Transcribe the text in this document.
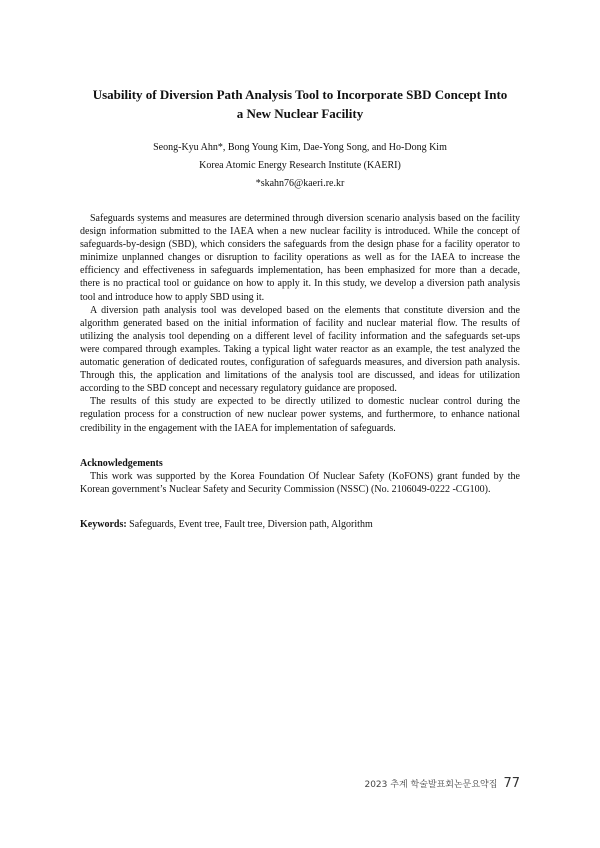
Usability of Diversion Path Analysis Tool to Incorporate SBD Concept Into
a New Nuclear Facility
Seong-Kyu Ahn*, Bong Young Kim, Dae-Yong Song, and Ho-Dong Kim
Korea Atomic Energy Research Institute (KAERI)
*skahn76@kaeri.re.kr

Safeguards systems and measures are determined through diversion scenario analysis based on the facility design information submitted to the IAEA when a new nuclear facility is introduced. While the concept of safeguards-by-design (SBD), which considers the safeguards from the design phase for a facility operator to minimize unplanned changes or disruption to facility operations as well as for the IAEA to increase the efficiency and effectiveness in safeguards implementation, has been emphasized for more than a decade, there is no practical tool or guidance on how to apply it. In this study, we develop a diversion path analysis tool and introduce how to apply SBD using it.

A diversion path analysis tool was developed based on the elements that constitute diversion and the algorithm generated based on the initial information of facility and nuclear material flow. The results of utilizing the analysis tool depending on a different level of facility information and the safeguards set-ups were compared through examples. Taking a typical light water reactor as an example, the test analyzed the automatic generation of dedicated routes, configuration of safeguards measures, and diversion path analysis. Through this, the application and limitations of the analysis tool are discussed, and ideas for utilization according to the SBD concept and necessary regulatory guidance are proposed.

The results of this study are expected to be directly utilized to domestic nuclear control during the regulation process for a construction of new nuclear power systems, and furthermore, to enhance national credibility in the engagement with the IAEA for implementation of safeguards.

Acknowledgements
This work was supported by the Korea Foundation Of Nuclear Safety (KoFONS) grant funded by the Korean government’s Nuclear Safety and Security Commission (NSSC) (No. 2106049-0222 -CG100).
Keywords: Safeguards, Event tree, Fault tree, Diversion path, Algorithm
2023 추계 학술발표회논문요약집 77
